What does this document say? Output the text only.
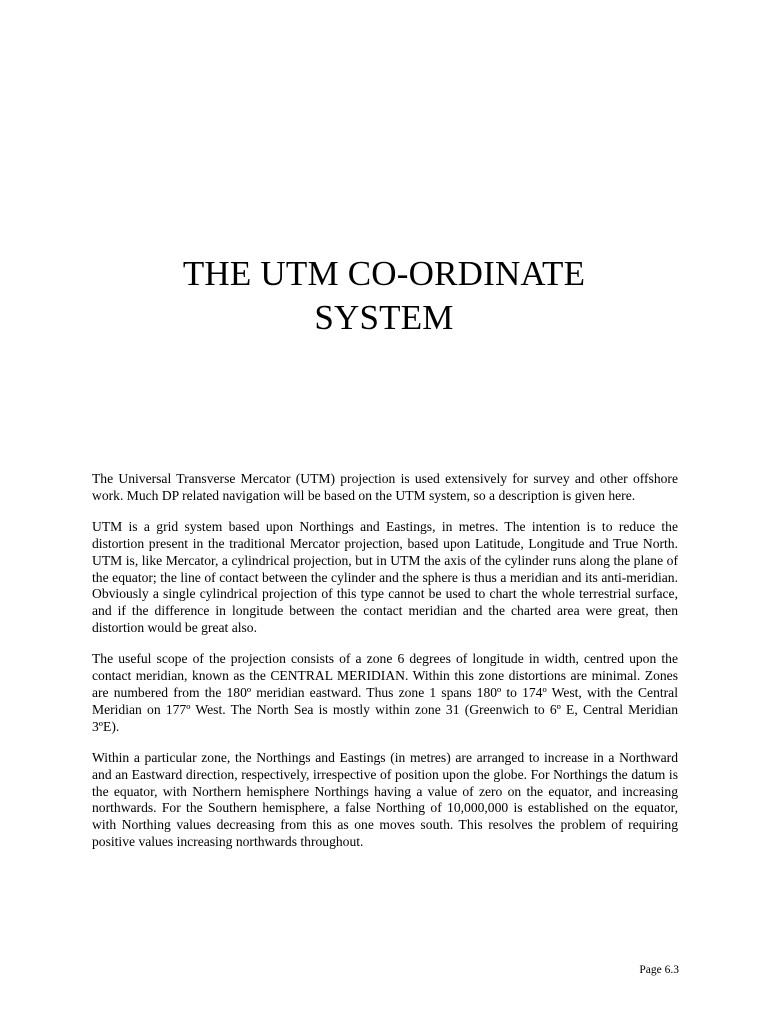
THE UTM CO-ORDINATE
SYSTEM

The Universal Transverse Mercator (UTM) projection is used extensively for survey and other offshore work. Much DP related navigation will be based on the UTM system, so a description is given here.

UTM is a grid system based upon Northings and Eastings, in metres. The intention is to reduce the distortion present in the traditional Mercator projection, based upon Latitude, Longitude and True North. UTM is, like Mercator, a cylindrical projection, but in UTM the axis of the cylinder runs along the plane of the equator; the line of contact between the cylinder and the sphere is thus a meridian and its anti-meridian. Obviously a single cylindrical projection of this type cannot be used to chart the whole terrestrial surface, and if the difference in longitude between the contact meridian and the charted area were great, then distortion would be great also.

The useful scope of the projection consists of a zone 6 degrees of longitude in width, centred upon the contact meridian, known as the CENTRAL MERIDIAN. Within this zone distortions are minimal. Zones are numbered from the 180º meridian eastward. Thus zone 1 spans 180º to 174º West, with the Central Meridian on 177º West. The North Sea is mostly within zone 31 (Greenwich to 6º E, Central Meridian 3ºE).

Within a particular zone, the Northings and Eastings (in metres) are arranged to increase in a Northward and an Eastward direction, respectively, irrespective of position upon the globe. For Northings the datum is the equator, with Northern hemisphere Northings having a value of zero on the equator, and increasing northwards. For the Southern hemisphere, a false Northing of 10,000,000 is established on the equator, with Northing values decreasing from this as one moves south. This resolves the problem of requiring positive values increasing northwards throughout.

Page 6.3
